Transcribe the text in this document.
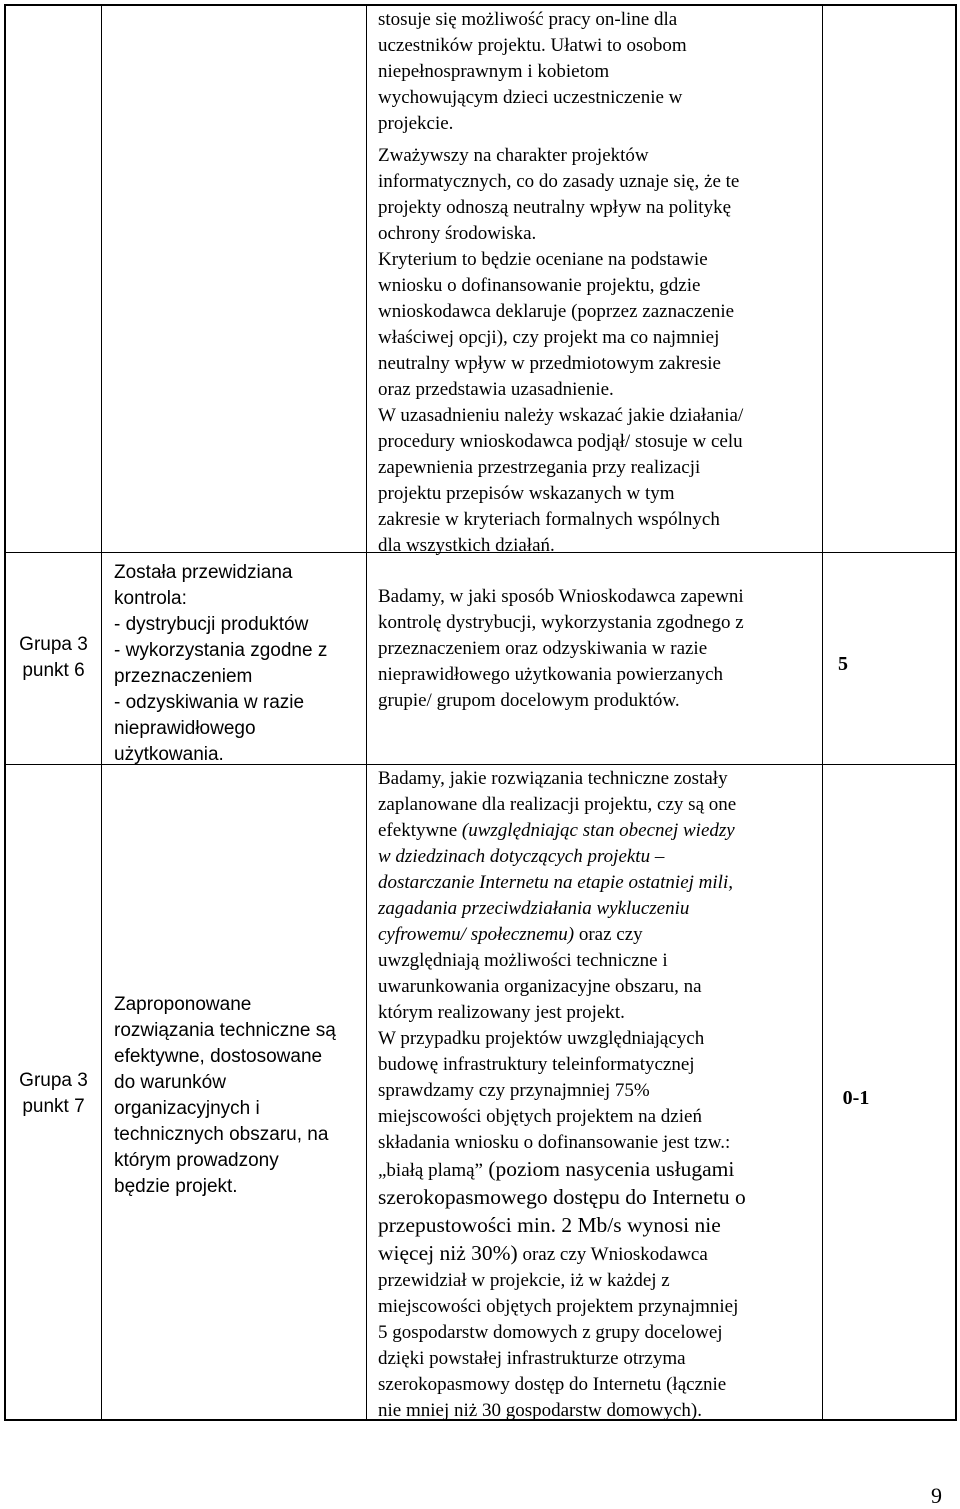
stosuje się możliwość pracy on-line dla
uczestników projektu. Ułatwi to osobom
niepełnosprawnym i kobietom
wychowującym dzieci uczestniczenie w
projekcie.
Zważywszy na charakter projektów
informatycznych, co do zasady uznaje się, że te
projekty odnoszą neutralny wpływ na politykę
ochrony środowiska.
Kryterium to będzie oceniane na podstawie
wniosku o dofinansowanie projektu, gdzie
wnioskodawca deklaruje (poprzez zaznaczenie
właściwej opcji), czy projekt ma co najmniej
neutralny wpływ w przedmiotowym zakresie
oraz przedstawia uzasadnienie.
W uzasadnieniu należy wskazać jakie działania/
procedury wnioskodawca podjął/ stosuje w celu
zapewnienia przestrzegania przy realizacji
projektu przepisów wskazanych w tym
zakresie w kryteriach formalnych wspólnych
dla wszystkich działań.
Grupa 3
punkt 6
Została przewidziana
kontrola:
- dystrybucji produktów
- wykorzystania zgodne z
przeznaczeniem
- odzyskiwania w razie
nieprawidłowego
użytkowania.
Badamy, w jaki sposób Wnioskodawca zapewni
kontrolę dystrybucji, wykorzystania zgodnego z
przeznaczeniem oraz odzyskiwania w razie
nieprawidłowego użytkowania powierzanych
grupie/ grupom docelowym produktów.
5
Grupa 3
punkt 7
Zaproponowane
rozwiązania techniczne są
efektywne, dostosowane
do warunków
organizacyjnych i
technicznych obszaru, na
którym prowadzony
będzie projekt.

Badamy, jakie rozwiązania techniczne zostały
zaplanowane dla realizacji projektu, czy są one
efektywne (uwzględniając stan obecnej wiedzy
w dziedzinach dotyczących projektu –
dostarczanie Internetu na etapie ostatniej mili,
zagadania przeciwdziałania wykluczeniu
cyfrowemu/ społecznemu) oraz czy
uwzględniają możliwości techniczne i
uwarunkowania organizacyjne obszaru, na
którym realizowany jest projekt.

W przypadku projektów uwzględniających
budowę infrastruktury teleinformatycznej
sprawdzamy czy przynajmniej 75%
miejscowości objętych projektem na dzień
składania wniosku o dofinansowanie jest tzw.:

„białą plamą” (poziom nasycenia usługami
szerokopasmowego dostępu do Internetu o
przepustowości min. 2 Mb/s wynosi nie
więcej niż 30%) oraz czy Wnioskodawca
przewidział w projekcie, iż w każdej z
miejscowości objętych projektem przynajmniej
5 gospodarstw domowych z grupy docelowej
dzięki powstałej infrastrukturze otrzyma
szerokopasmowy dostęp do Internetu (łącznie
nie mniej niż 30 gospodarstw domowych).

0-1
9
